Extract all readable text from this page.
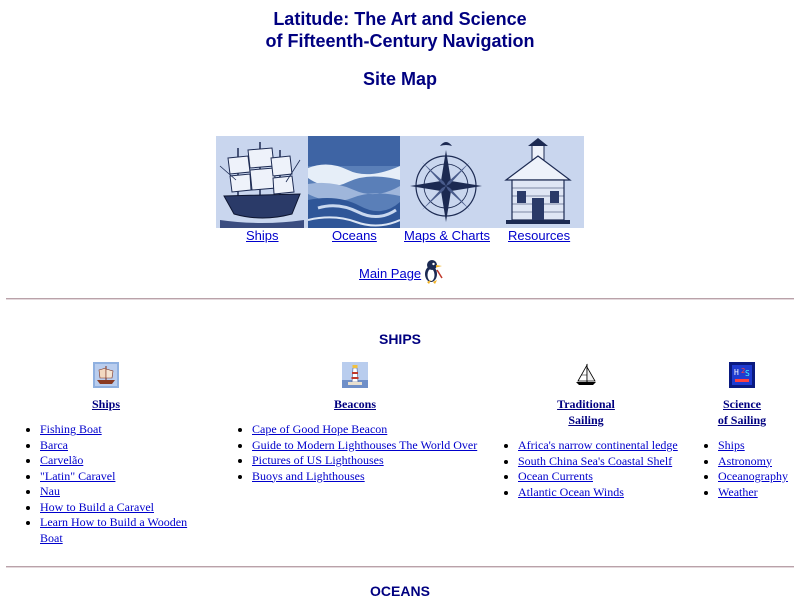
Latitude: The Art and Science
of Fifteenth-Century Navigation
Site Map
Ships	Oceans Maps & Charts Resources
Main Page
SHIPS
Ships
• Fishing Boat
• Barca
• Carvelão
• "Latin" Caravel
• Nau
• How to Build a Caravel
• Learn How to Build a Wooden Boat
Beacons
• Cape of Good Hope Beacon
• Guide to Modern Lighthouses The World Over
• Pictures of US Lighthouses
• Buoys and Lighthouses
Traditional
Sailing
• Africa's narrow continental ledge
• South China Sea's Coastal Shelf
• Ocean Currents
• Atlantic Ocean Winds
H 2 S
Science
of Sailing
• Ships
• Astronomy
• Oceanography
• Weather
OCEANS
